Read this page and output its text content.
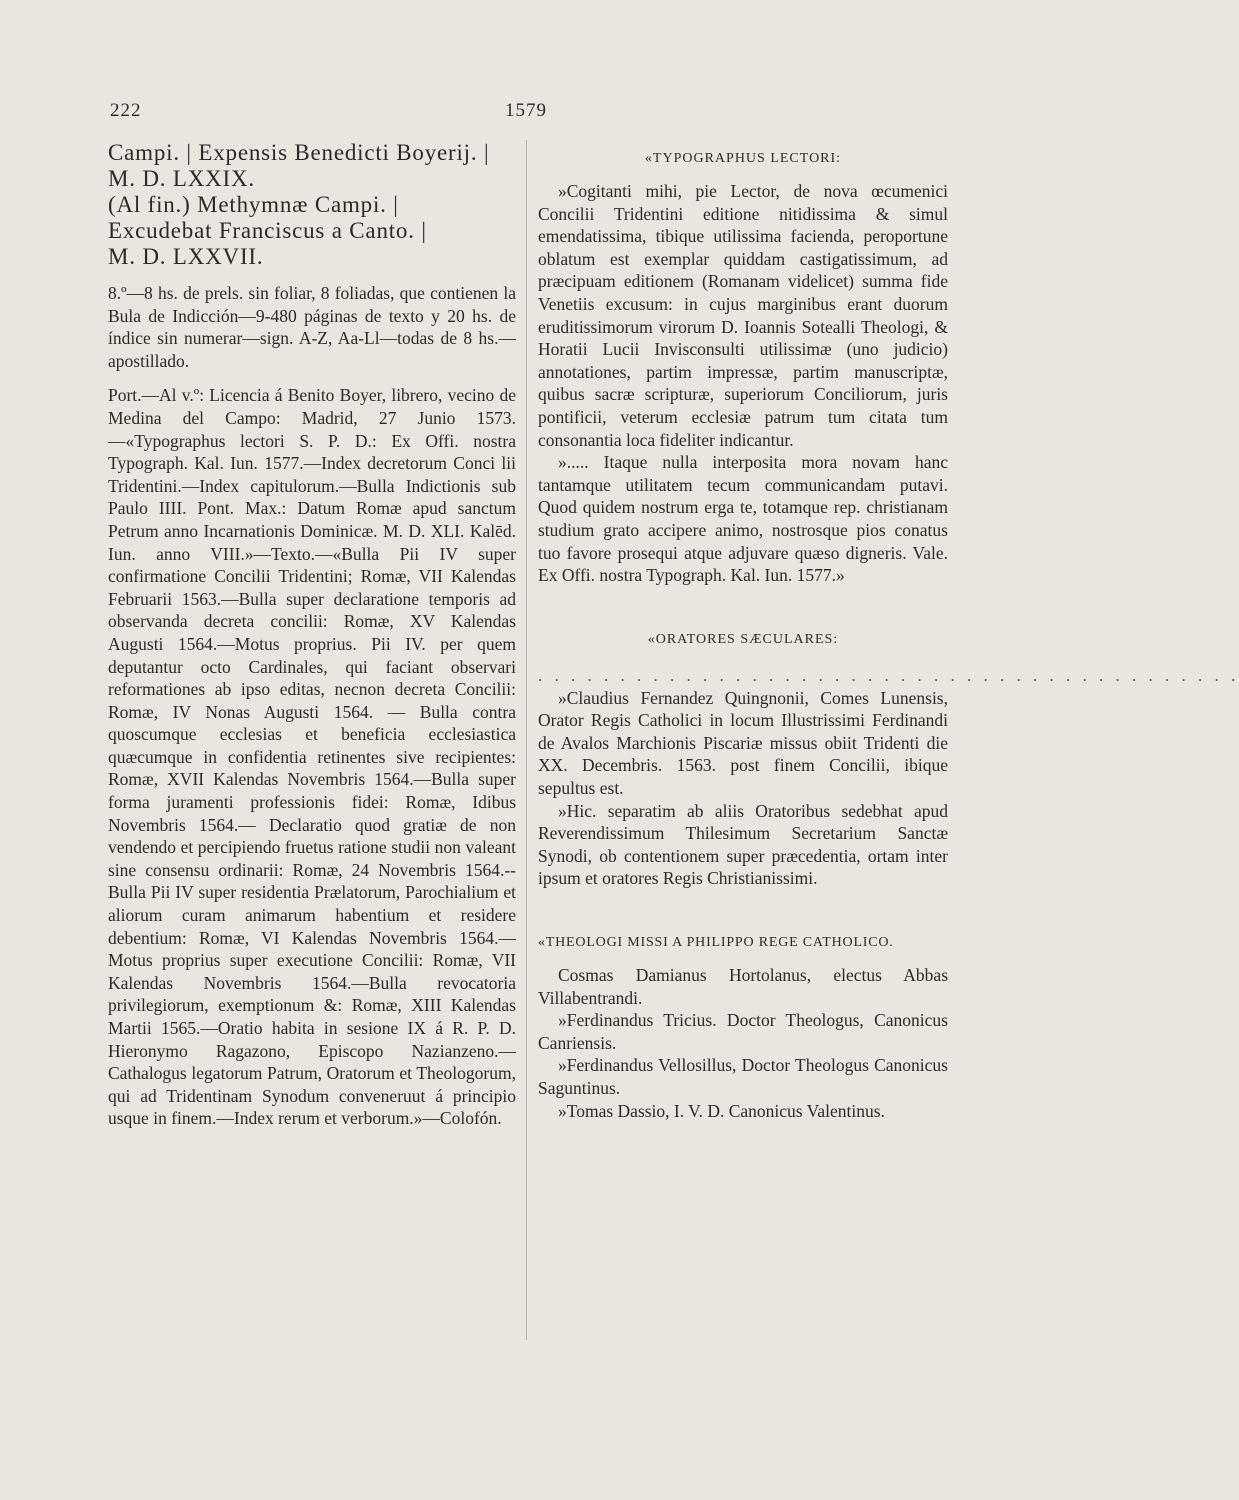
222	1579
Campi. | Expensis Benedicti Boyerij. |
M. D. LXXIX.
(Al fin.) Methymnæ Campi. |
Excudebat Franciscus a Canto. |
M. D. LXXVII.

8.º—8 hs. de prels. sin foliar, 8 foliadas, que contienen la Bula de Indicción—9-480 páginas de texto y 20 hs. de índice sin numerar—sign. A-Z, Aa-Ll—todas de 8 hs.—apostillado.

Port.—Al v.º: Licencia á Benito Boyer, librero, vecino de Medina del Campo: Madrid, 27 Junio 1573.—«Typographus lectori S. P. D.: Ex Offi. nostra Typograph. Kal. Iun. 1577.—Index decretorum Conci lii Tridentini.—Index capitulorum.—Bulla Indictionis sub Paulo IIII. Pont. Max.: Datum Romæ apud sanctum Petrum anno Incarnationis Dominicæ. M. D. XLI. Kalēd. Iun. anno VIII.»—Texto.—«Bulla Pii IV super confirmatione Concilii Tridentini; Romæ, VII Kalendas Februarii 1563.—Bulla super declaratione temporis ad observanda decreta concilii: Romæ, XV Kalendas Augusti 1564.—Motus proprius. Pii IV. per quem deputantur octo Cardinales, qui faciant observari reformationes ab ipso editas, necnon decreta Concilii: Romæ, IV Nonas Augusti 1564. — Bulla contra quoscumque ecclesias et beneficia ecclesiastica quæcumque in confidentia retinentes sive recipientes: Romæ, XVII Kalendas Novembris 1564.—Bulla super forma juramenti professionis fidei: Romæ, Idibus Novembris 1564.— Declaratio quod gratiæ de non vendendo et percipiendo fruetus ratione studii non valeant sine consensu ordinarii: Romæ, 24 Novembris 1564.--Bulla Pii IV super residentia Prælatorum, Parochialium et aliorum curam animarum habentium et residere debentium: Romæ, VI Kalendas Novembris 1564.—Motus proprius super executione Concilii: Romæ, VII Kalendas Novembris 1564.—Bulla revocatoria privilegiorum, exemptionum &: Romæ, XIII Kalendas Martii 1565.—Oratio habita in sesione IX á R. P. D. Hieronymo Ragazono, Episcopo Nazianzeno.—Cathalogus legatorum Patrum, Oratorum et Theologorum, qui ad Tridentinam Synodum conveneruut á principio usque in finem.—Index rerum et verborum.»—Colofón.

«TYPOGRAPHUS LECTORI:

»Cogitanti mihi, pie Lector, de nova œcumenici Concilii Tridentini editione nitidissima & simul emendatissima, tibique utilissima facienda, peroportune oblatum est exemplar quiddam castigatissimum, ad præcipuam editionem (Romanam videlicet) summa fide Venetiis excusum: in cujus marginibus erant duorum eruditissimorum virorum D. Ioannis Sotealli Theologi, & Horatii Lucii Invisconsulti utilissimæ (uno judicio) annotationes, partim impressæ, partim manuscriptæ, quibus sacræ scripturæ, superiorum Conciliorum, juris pontificii, veterum ecclesiæ patrum tum citata tum consonantia loca fideliter indicantur.

»..... Itaque nulla interposita mora novam hanc tantamque utilitatem tecum communicandam putavi. Quod quidem nostrum erga te, totamque rep. christianam studium grato accipere animo, nostrosque pios conatus tuo favore prosequi atque adjuvare quæso digneris. Vale. Ex Offi. nostra Typograph. Kal. Iun. 1577.»

«ORATORES SÆCULARES:

. . . . . . . . . . . . . . . . . . . . . . . . . . . . . . . . . . . . . . . . . . .

»Claudius Fernandez Quingnonii, Comes Lunensis, Orator Regis Catholici in locum Illustrissimi Ferdinandi de Avalos Marchionis Piscariæ missus obiit Tridenti die XX. Decembris. 1563. post finem Concilii, ibique sepultus est.

»Hic. separatim ab aliis Oratoribus sedebhat apud Reverendissimum Thilesimum Secretarium Sanctæ Synodi, ob contentionem super præcedentia, ortam inter ipsum et oratores Regis Christianissimi.

«THEOLOGI MISSI A PHILIPPO REGE CATHOLICO.

Cosmas Damianus Hortolanus, electus Abbas Villabentrandi.

»Ferdinandus Tricius. Doctor Theologus, Canonicus Canriensis.

»Ferdinandus Vellosillus, Doctor Theologus Canonicus Saguntinus.

»Tomas Dassio, I. V. D. Canonicus Valentinus.
